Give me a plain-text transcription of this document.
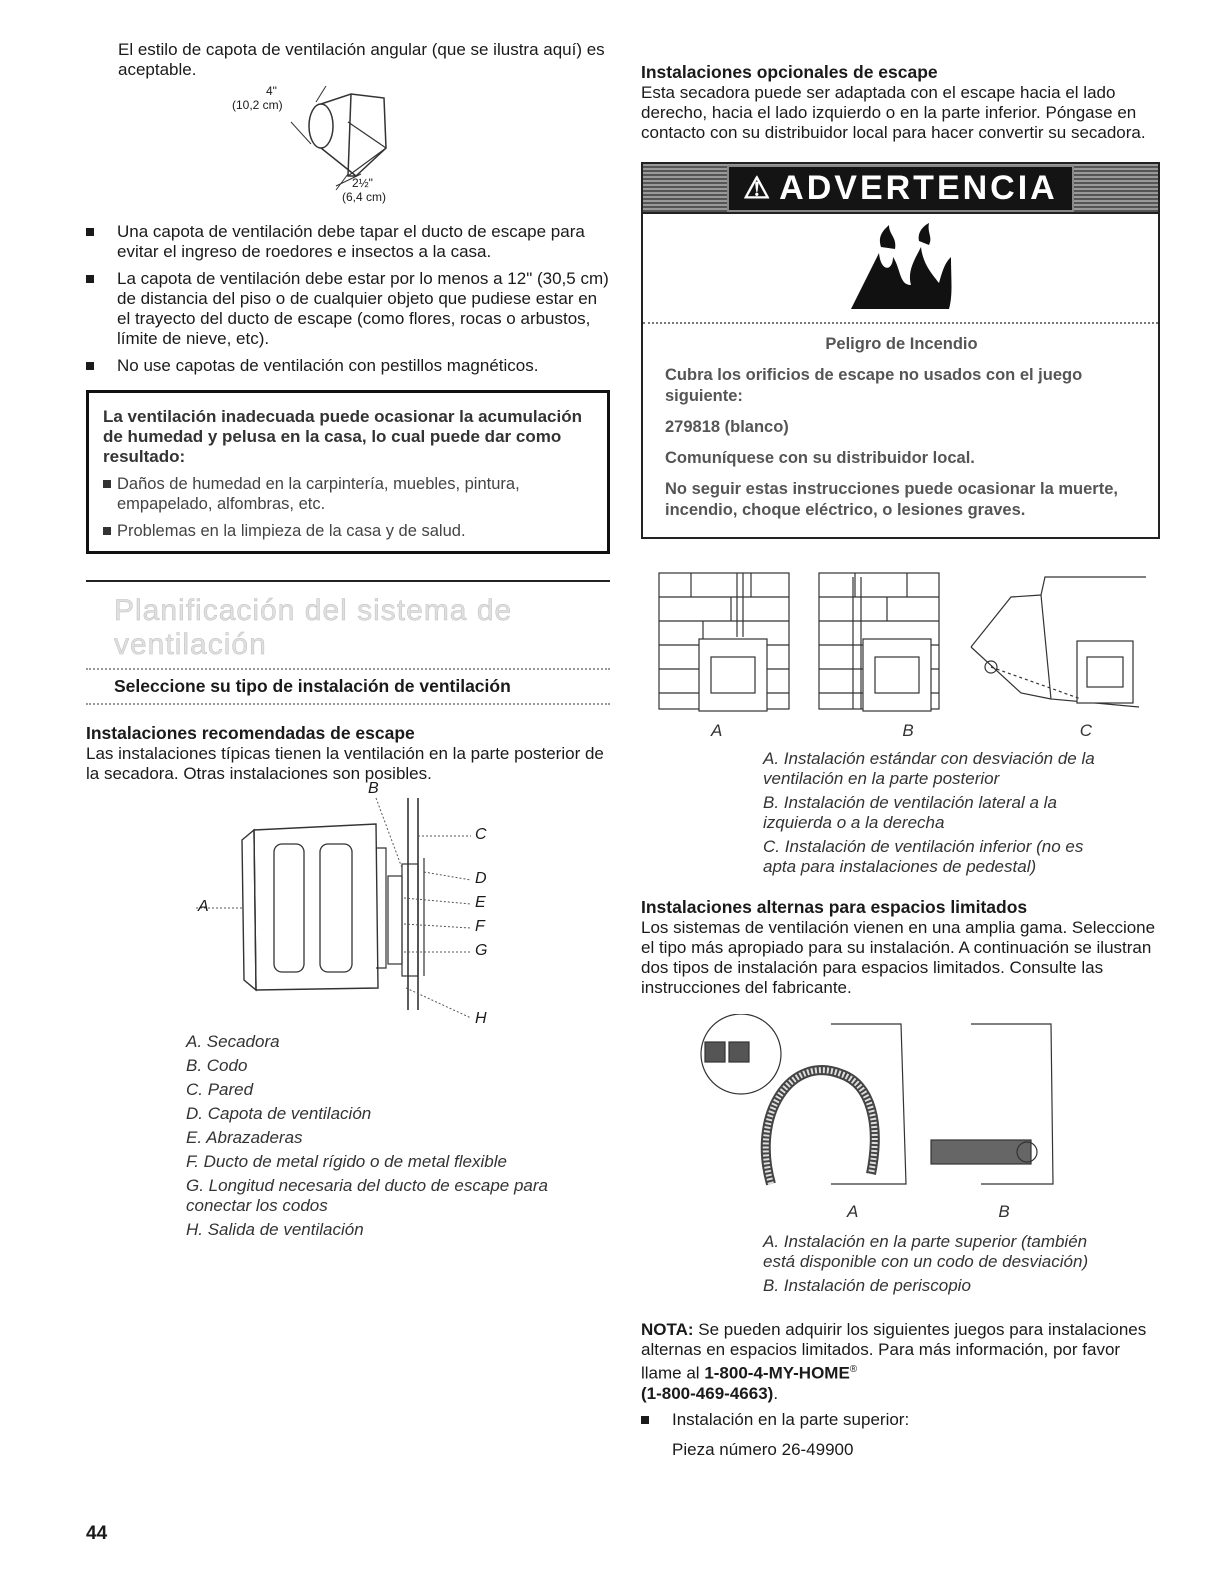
El estilo de capota de ventilación angular (que se ilustra aquí) es aceptable.

4"
(10,2 cm)
2½"
(6,4 cm)
Una capota de ventilación debe tapar el ducto de escape para evitar el ingreso de roedores e insectos a la casa.
La capota de ventilación debe estar por lo menos a 12" (30,5 cm) de distancia del piso o de cualquier objeto que pudiese estar en el trayecto del ducto de escape (como flores, rocas o arbustos, límite de nieve, etc).
No use capotas de ventilación con pestillos magnéticos.

La ventilación inadecuada puede ocasionar la acumulación de humedad y pelusa en la casa, lo cual puede dar como resultado:

Daños de humedad en la carpintería, muebles, pintura, empapelado, alfombras, etc.

Problemas en la limpieza de la casa y de salud.

Planificación del sistema de ventilación
Seleccione su tipo de instalación de ventilación
Instalaciones recomendadas de escape

Las instalaciones típicas tienen la ventilación en la parte posterior de la secadora. Otras instalaciones son posibles.

B
A
C
D
E
F
G
H

A. Secadora

B. Codo

C. Pared

D. Capota de ventilación

E. Abrazaderas

F. Ducto de metal rígido o de metal flexible

G. Longitud necesaria del ducto de escape para conectar los codos

H. Salida de ventilación

Instalaciones opcionales de escape

Esta secadora puede ser adaptada con el escape hacia el lado derecho, hacia el lado izquierdo o en la parte inferior. Póngase en contacto con su distribuidor local para hacer convertir su secadora.

⚠ ADVERTENCIA

Peligro de Incendio

Cubra los orificios de escape no usados con el juego siguiente:

279818 (blanco)

Comuníquese con su distribuidor local.

No seguir estas instrucciones puede ocasionar la muerte, incendio, choque eléctrico, o lesiones graves.

A	B	C

A. Instalación estándar con desviación de la ventilación en la parte posterior

B. Instalación de ventilación lateral a la izquierda o a la derecha

C. Instalación de ventilación inferior (no es apta para instalaciones de pedestal)

Instalaciones alternas para espacios limitados

Los sistemas de ventilación vienen en una amplia gama. Seleccione el tipo más apropiado para su instalación. A continuación se ilustran dos tipos de instalación para espacios limitados. Consulte las instrucciones del fabricante.

A	B

A. Instalación en la parte superior (también está disponible con un codo de desviación)

B. Instalación de periscopio

NOTA: Se pueden adquirir los siguientes juegos para instalaciones alternas en espacios limitados. Para más información, por favor llame al 1-800-4-MY-HOME®
(1-800-469-4663).

Instalación en la parte superior:

Pieza número 26-49900

44
